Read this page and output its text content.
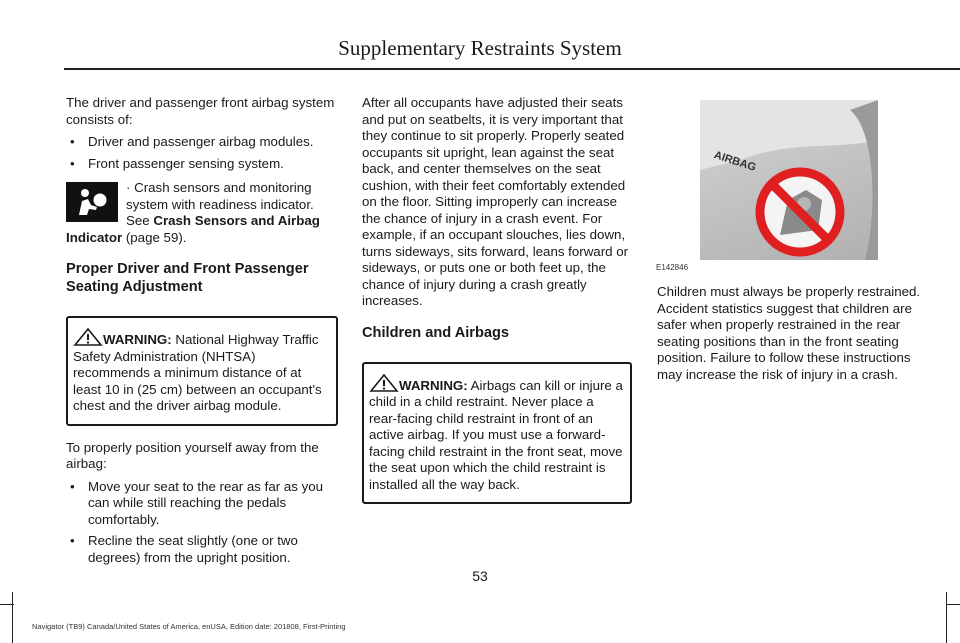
Supplementary Restraints System

The driver and passenger front airbag system consists of:

• Driver and passenger airbag modules.
• Front passenger sensing system.
· Crash sensors and monitoring system with readiness indicator. See Crash Sensors and Airbag Indicator (page 59).
Proper Driver and Front Passenger Seating Adjustment
WARNING: National Highway Traffic Safety Administration (NHTSA) recommends a minimum distance of at least 10 in (25 cm) between an occupant's chest and the driver airbag module.

To properly position yourself away from the airbag:

• Move your seat to the rear as far as you can while still reaching the pedals comfortably.
• Recline the seat slightly (one or two degrees) from the upright position.

After all occupants have adjusted their seats and put on seatbelts, it is very important that they continue to sit properly. Properly seated occupants sit upright, lean against the seat back, and center themselves on the seat cushion, with their feet comfortably extended on the floor. Sitting improperly can increase the chance of injury in a crash event. For example, if an occupant slouches, lies down, turns sideways, sits forward, leans forward or sideways, or puts one or both feet up, the chance of injury during a crash greatly increases.

Children and Airbags
WARNING: Airbags can kill or injure a child in a child restraint. Never place a rear-facing child restraint in front of an active airbag. If you must use a forward-facing child restraint in the front seat, move the seat upon which the child restraint is installed all the way back.
AIRBAG
E142846

Children must always be properly restrained. Accident statistics suggest that children are safer when properly restrained in the rear seating positions than in the front seating position. Failure to follow these instructions may increase the risk of injury in a crash.

53
Navigator (TB9) Canada/United States of America, enUSA, Edition date: 201808, First-Printing
